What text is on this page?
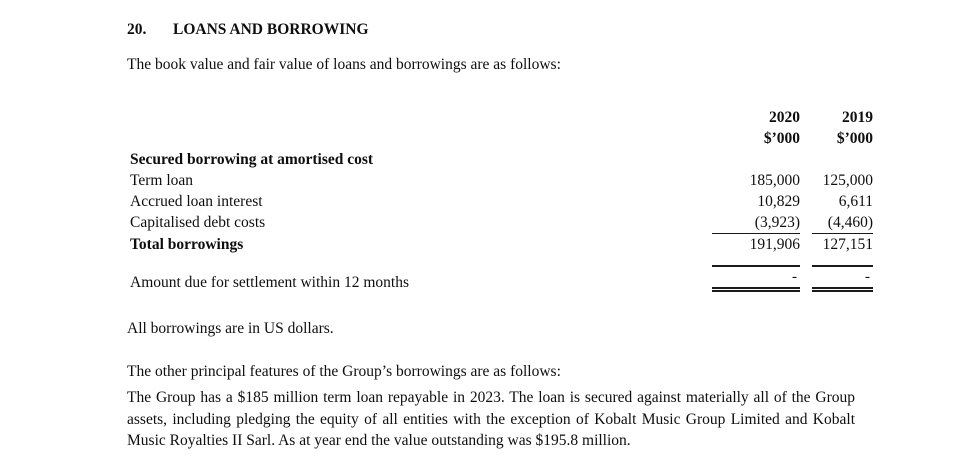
20.	LOANS AND BORROWING
The book value and fair value of loans and borrowings are as follows:
2020	2019
$’000	$’000
Secured borrowing at amortised cost
Term loan	185,000	125,000
Accrued loan interest	10,829	6,611
Capitalised debt costs	(3,923)	(4,460)
Total borrowings	191,906	127,151
Amount due for settlement within 12 months	-	-
All borrowings are in US dollars.
The other principal features of the Group’s borrowings are as follows:
The Group has a $185 million term loan repayable in 2023. The loan is secured against materially all of the Group assets, including pledging the equity of all entities with the exception of Kobalt Music Group Limited and Kobalt Music Royalties II Sarl. As at year end the value outstanding was $195.8 million.
